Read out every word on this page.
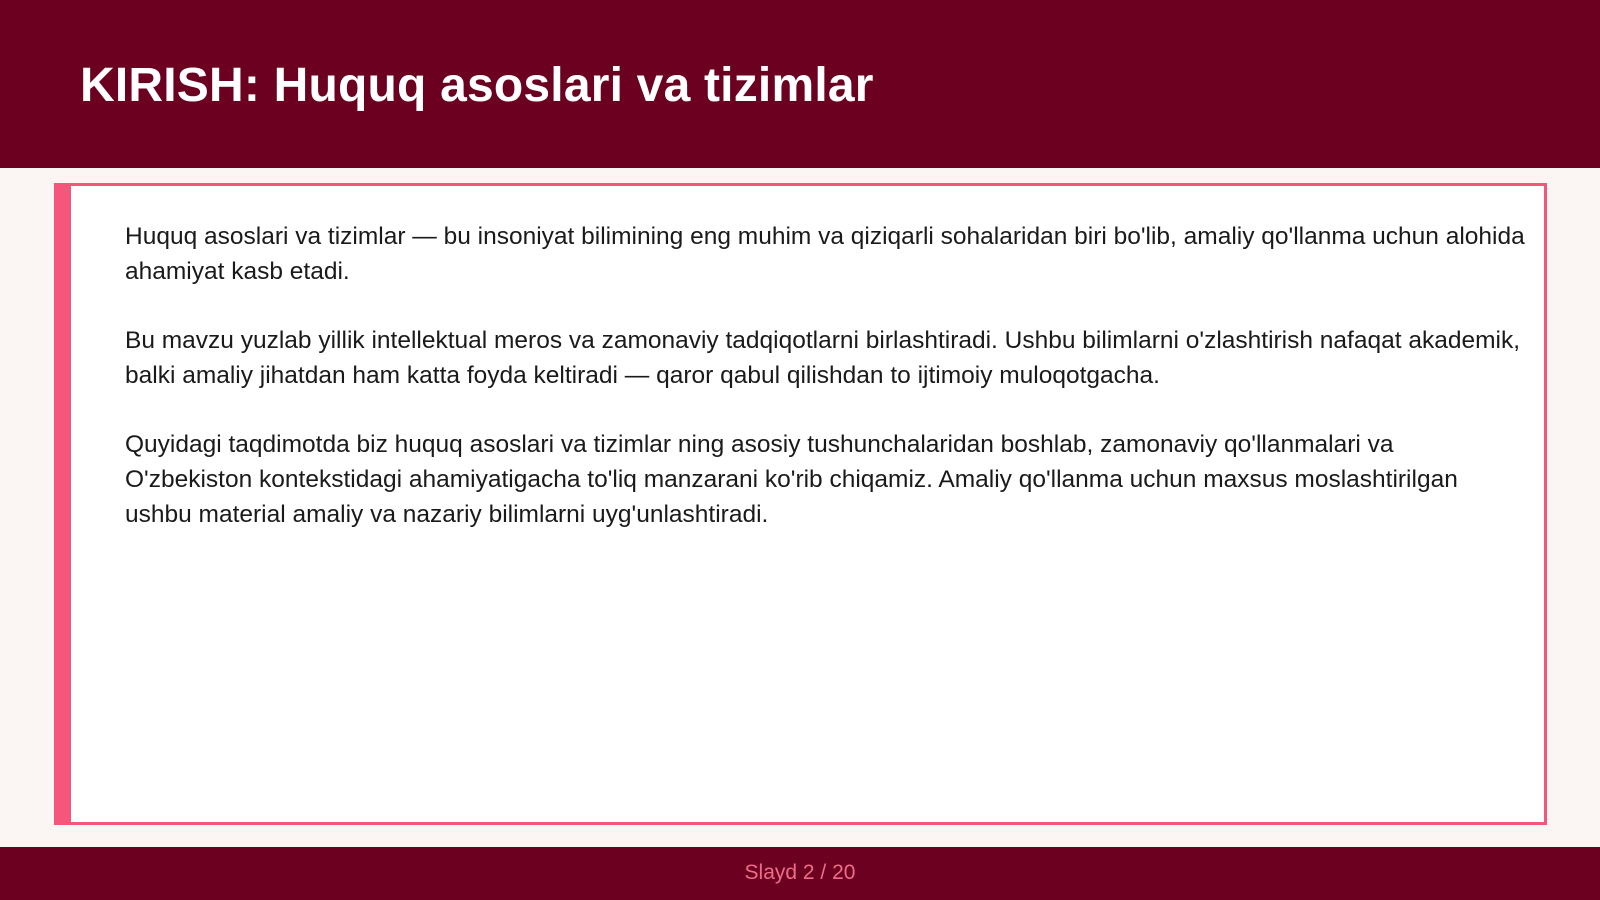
KIRISH: Huquq asoslari va tizimlar

Huquq asoslari va tizimlar — bu insoniyat bilimining eng muhim va qiziqarli sohalaridan biri bo'lib, amaliy qo'llanma uchun alohida ahamiyat kasb etadi.

Bu mavzu yuzlab yillik intellektual meros va zamonaviy tadqiqotlarni birlashtiradi. Ushbu bilimlarni o'zlashtirish nafaqat akademik, balki amaliy jihatdan ham katta foyda keltiradi — qaror qabul qilishdan to ijtimoiy muloqotgacha.

Quyidagi taqdimotda biz huquq asoslari va tizimlar ning asosiy tushunchalaridan boshlab, zamonaviy qo'llanmalari va O'zbekiston kontekstidagi ahamiyatigacha to'liq manzarani ko'rib chiqamiz. Amaliy qo'llanma uchun maxsus moslashtirilgan ushbu material amaliy va nazariy bilimlarni uyg'unlashtiradi.

Slayd 2 / 20
